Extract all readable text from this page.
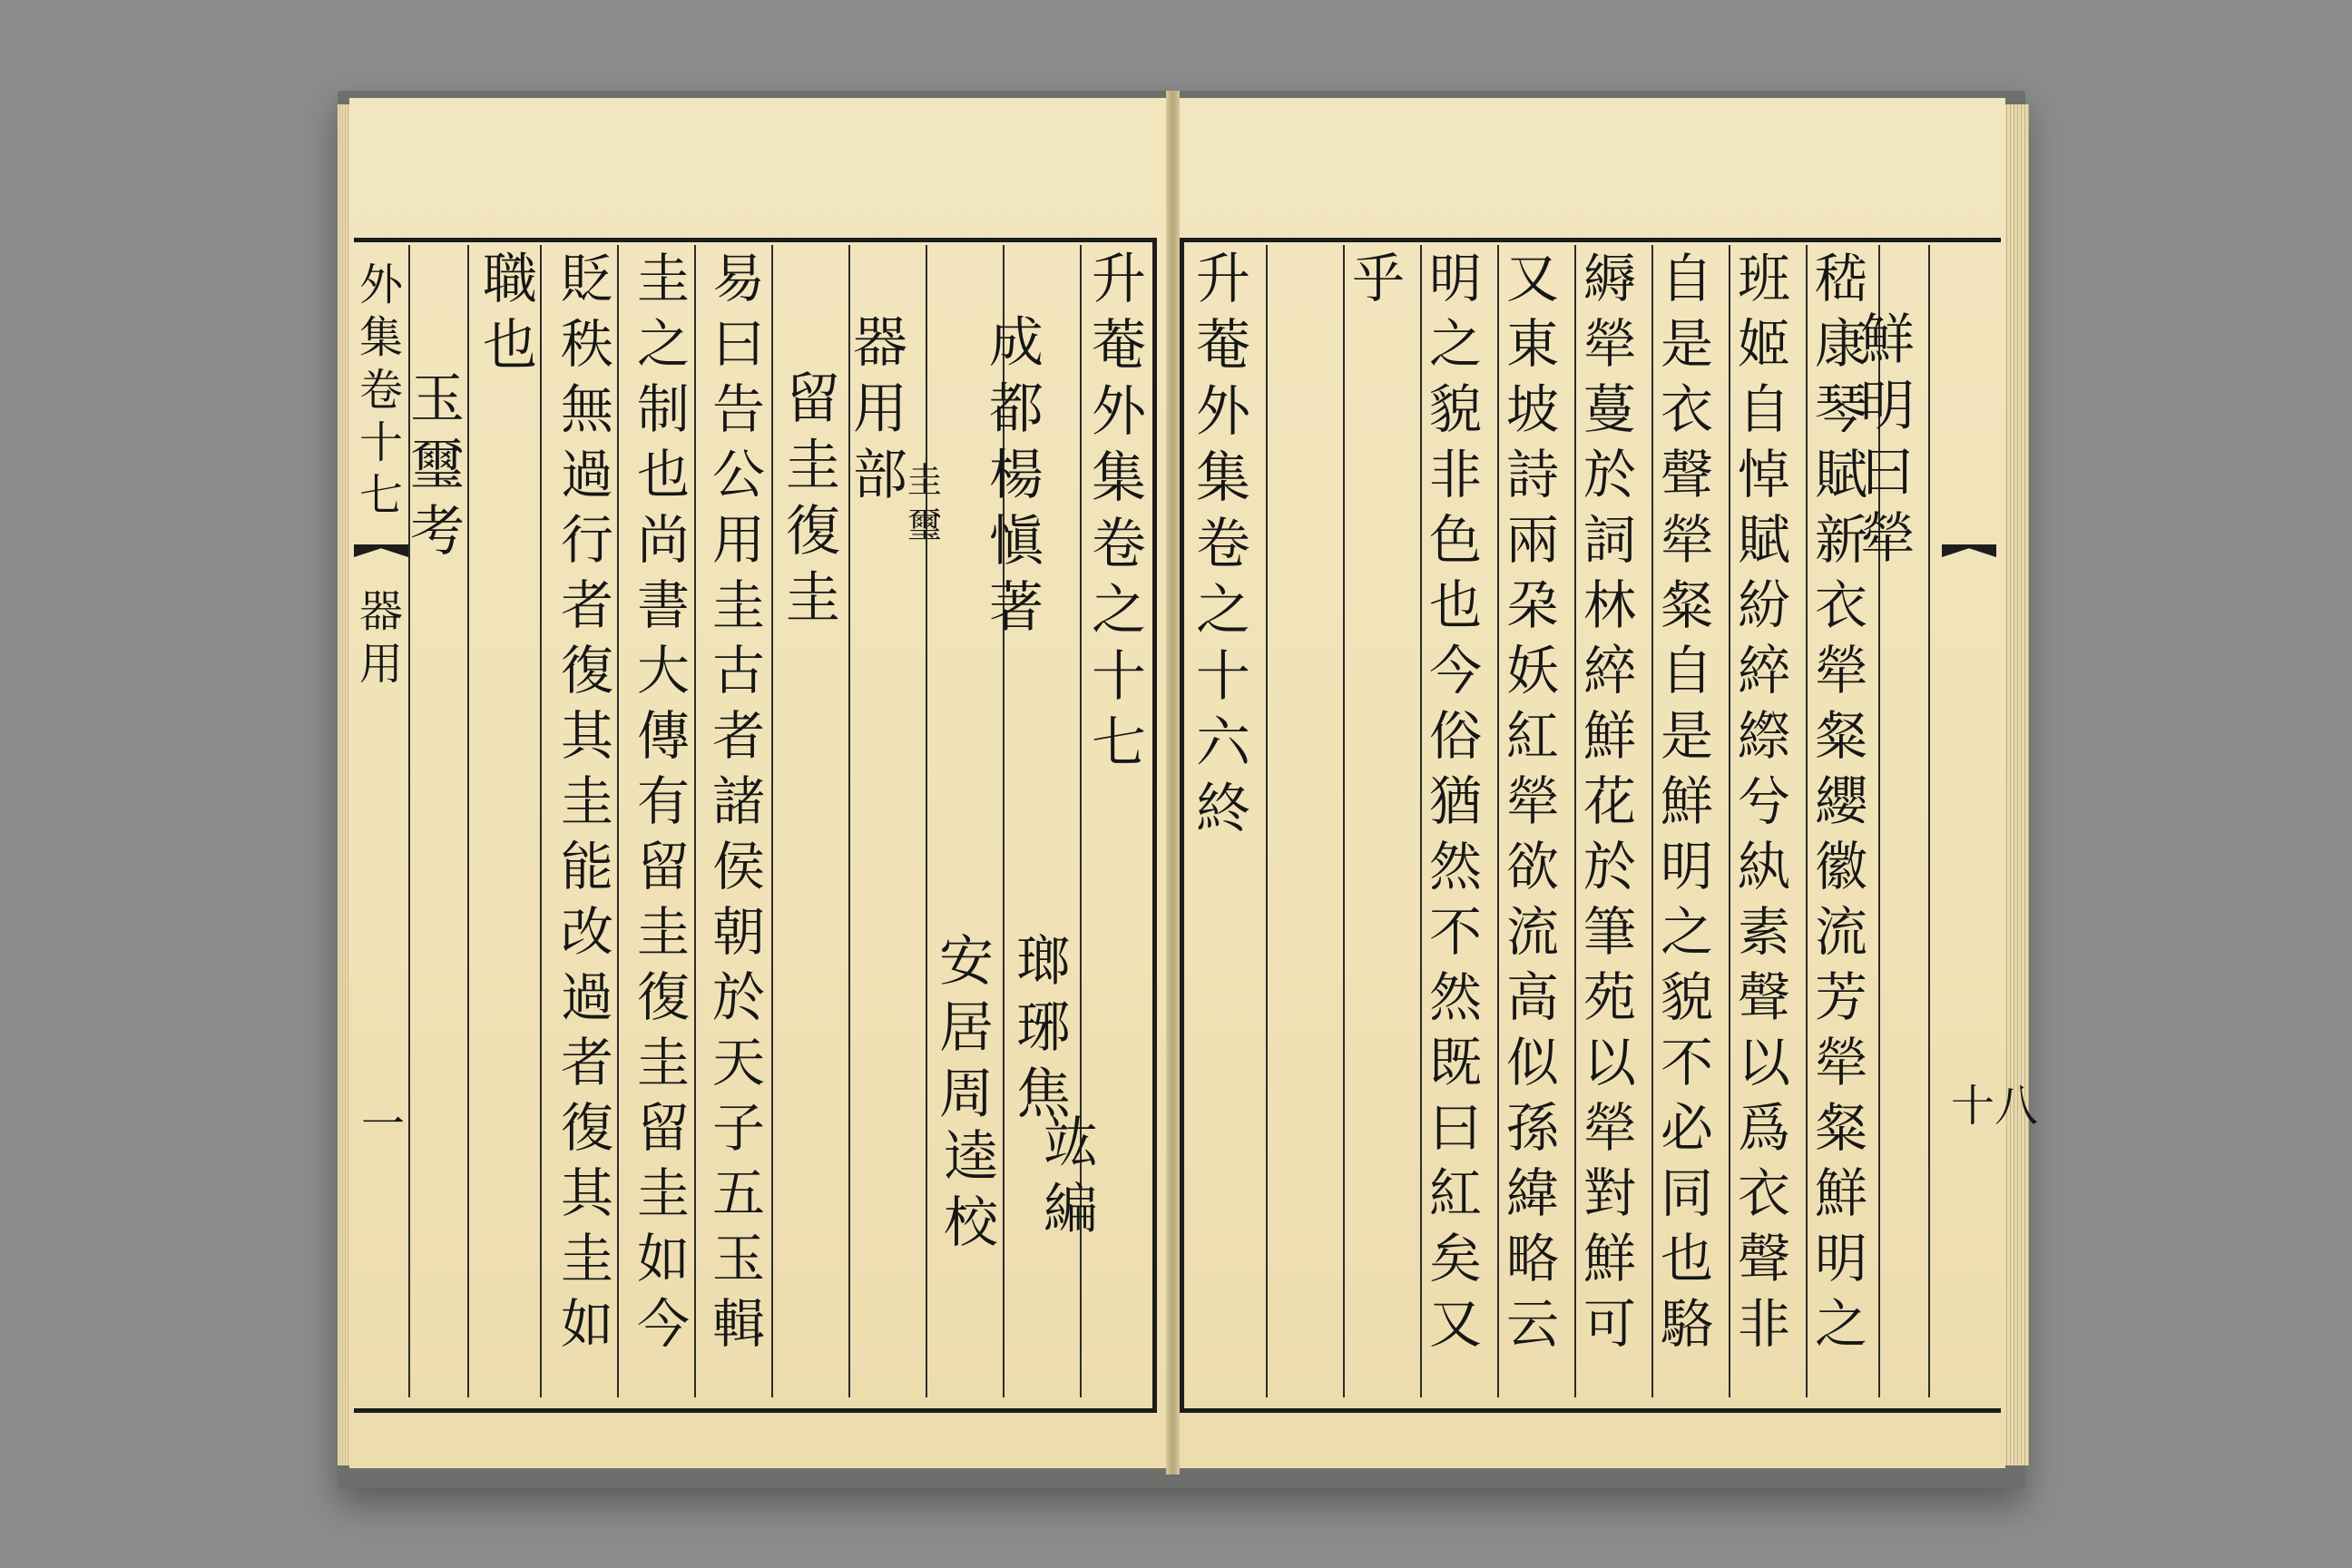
外
集
卷
十
七
器
用
一
升
菴
外
集
卷
之
十
七
成
都
楊
愼
著
瑯
琊
焦
竑
編
安
居
周
逵
校
器
用
部 圭
璽
留
圭
復
圭
易
曰
告
公
用
圭
古
者
諸
侯
朝
於
天
子
五
玉
輯
圭
之
制
也
尚
書
大
傳
有
留
圭
復
圭
留
圭
如
今
貶
秩
無
過
行
者
復
其
圭
能
改
過
者
復
其
圭
如
職
也
玉
璽
考
十八
鮮
明
曰
犖
嵇
康
琴
賦
新
衣
犖
粲
纓
徽
流
芳
犖
粲
鮮
明
之
班
姬
自
悼
賦
紛
綷
縩
兮
紈
素
聲
以
爲
衣
聲
非
自
是
衣
聲
犖
粲
自
是
鮮
明
之
貌
不
必
同
也
駱
縟
犖
蔓
於
詞
林
綷
鮮
花
於
筆
苑
以
犖
對
鮮
可
又
東
坡
詩
兩
朶
妖
紅
犖
欲
流
高
似
孫
緯
略
云
明
之
貌
非
色
也
今
俗
猶
然
不
然
既
曰
紅
矣
又
乎
升
菴
外
集
卷
之
十
六
終
